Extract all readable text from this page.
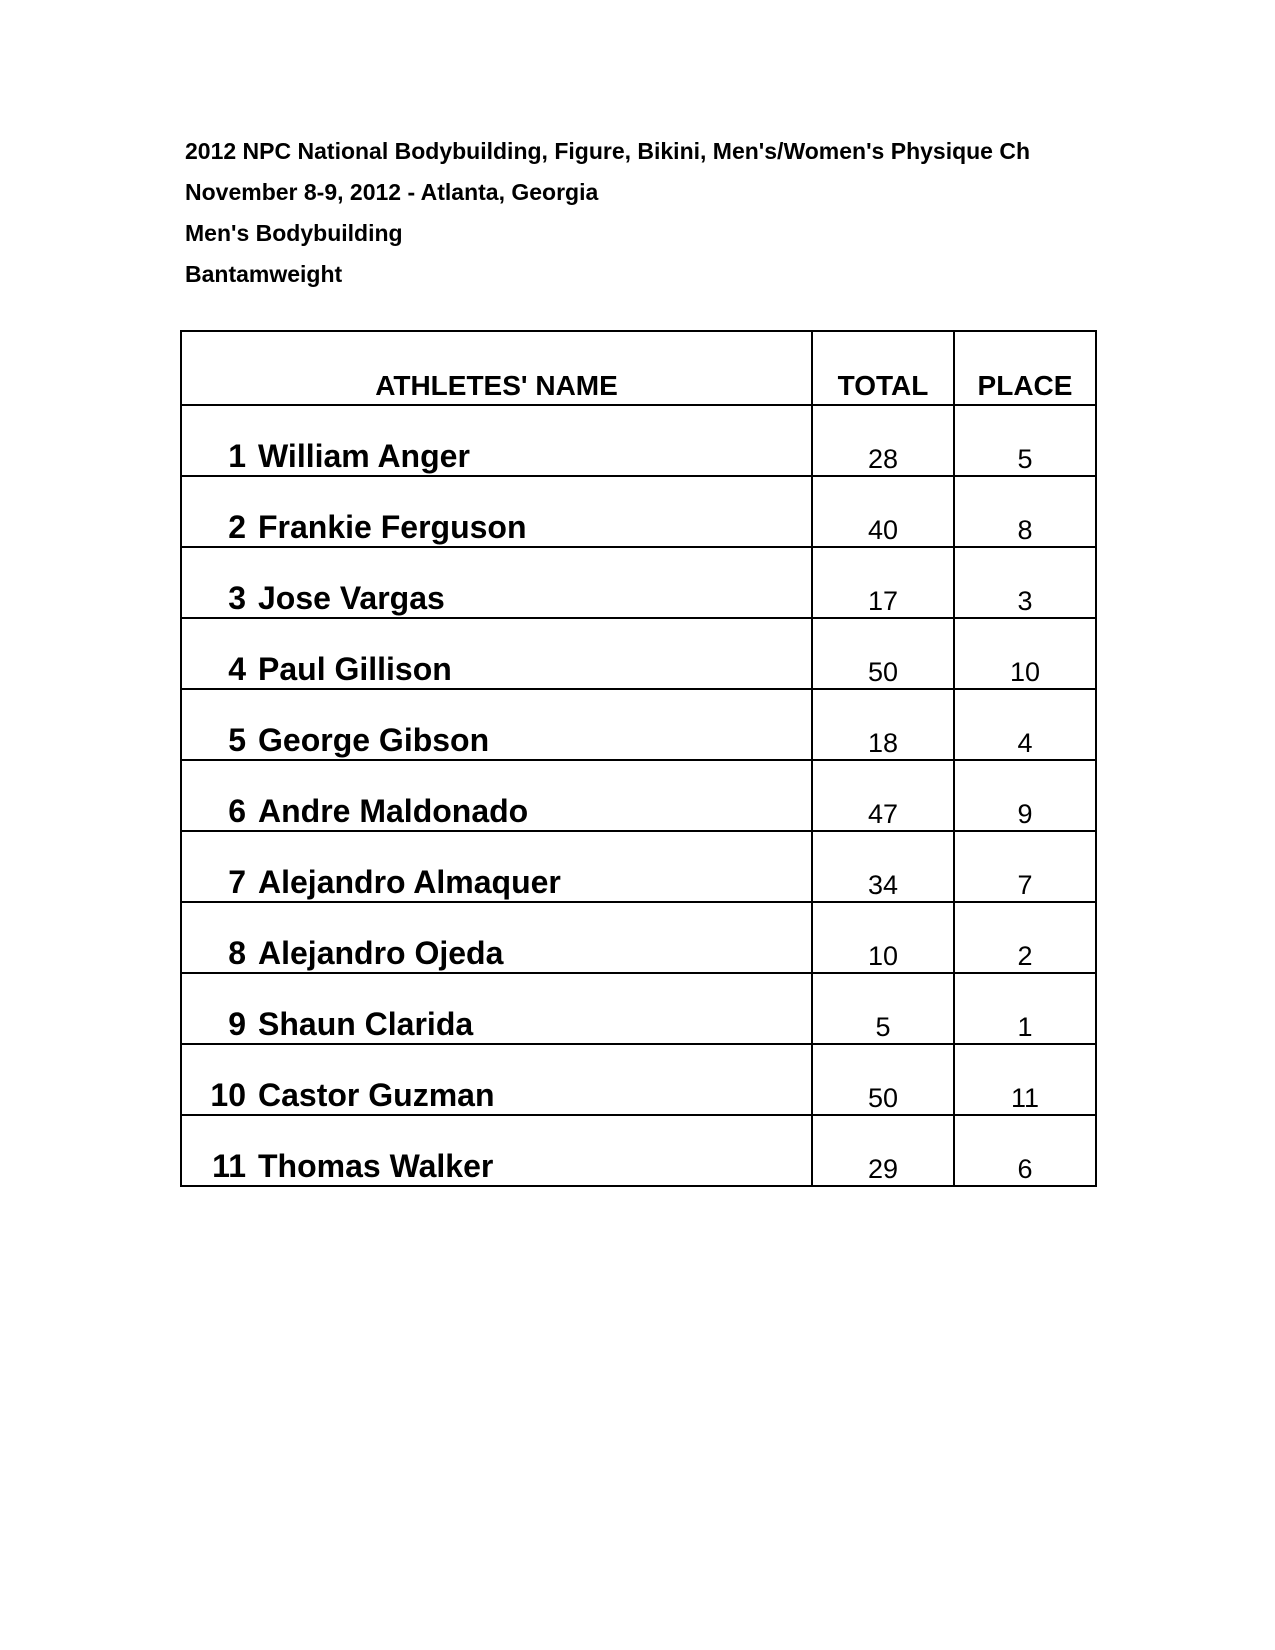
2012 NPC National Bodybuilding, Figure, Bikini, Men's/Women's Physique Ch
November 8-9, 2012 - Atlanta, Georgia
Men's Bodybuilding
Bantamweight
ATHLETES' NAME	TOTAL	PLACE
1 William Anger	28	5
2 Frankie Ferguson	40	8
3 Jose Vargas	17	3
4 Paul Gillison	50	10
5 George Gibson	18	4
6 Andre Maldonado	47	9
7 Alejandro Almaquer	34	7
8 Alejandro Ojeda	10	2
9 Shaun Clarida	5	1
10 Castor Guzman	50	11
11 Thomas Walker	29	6
